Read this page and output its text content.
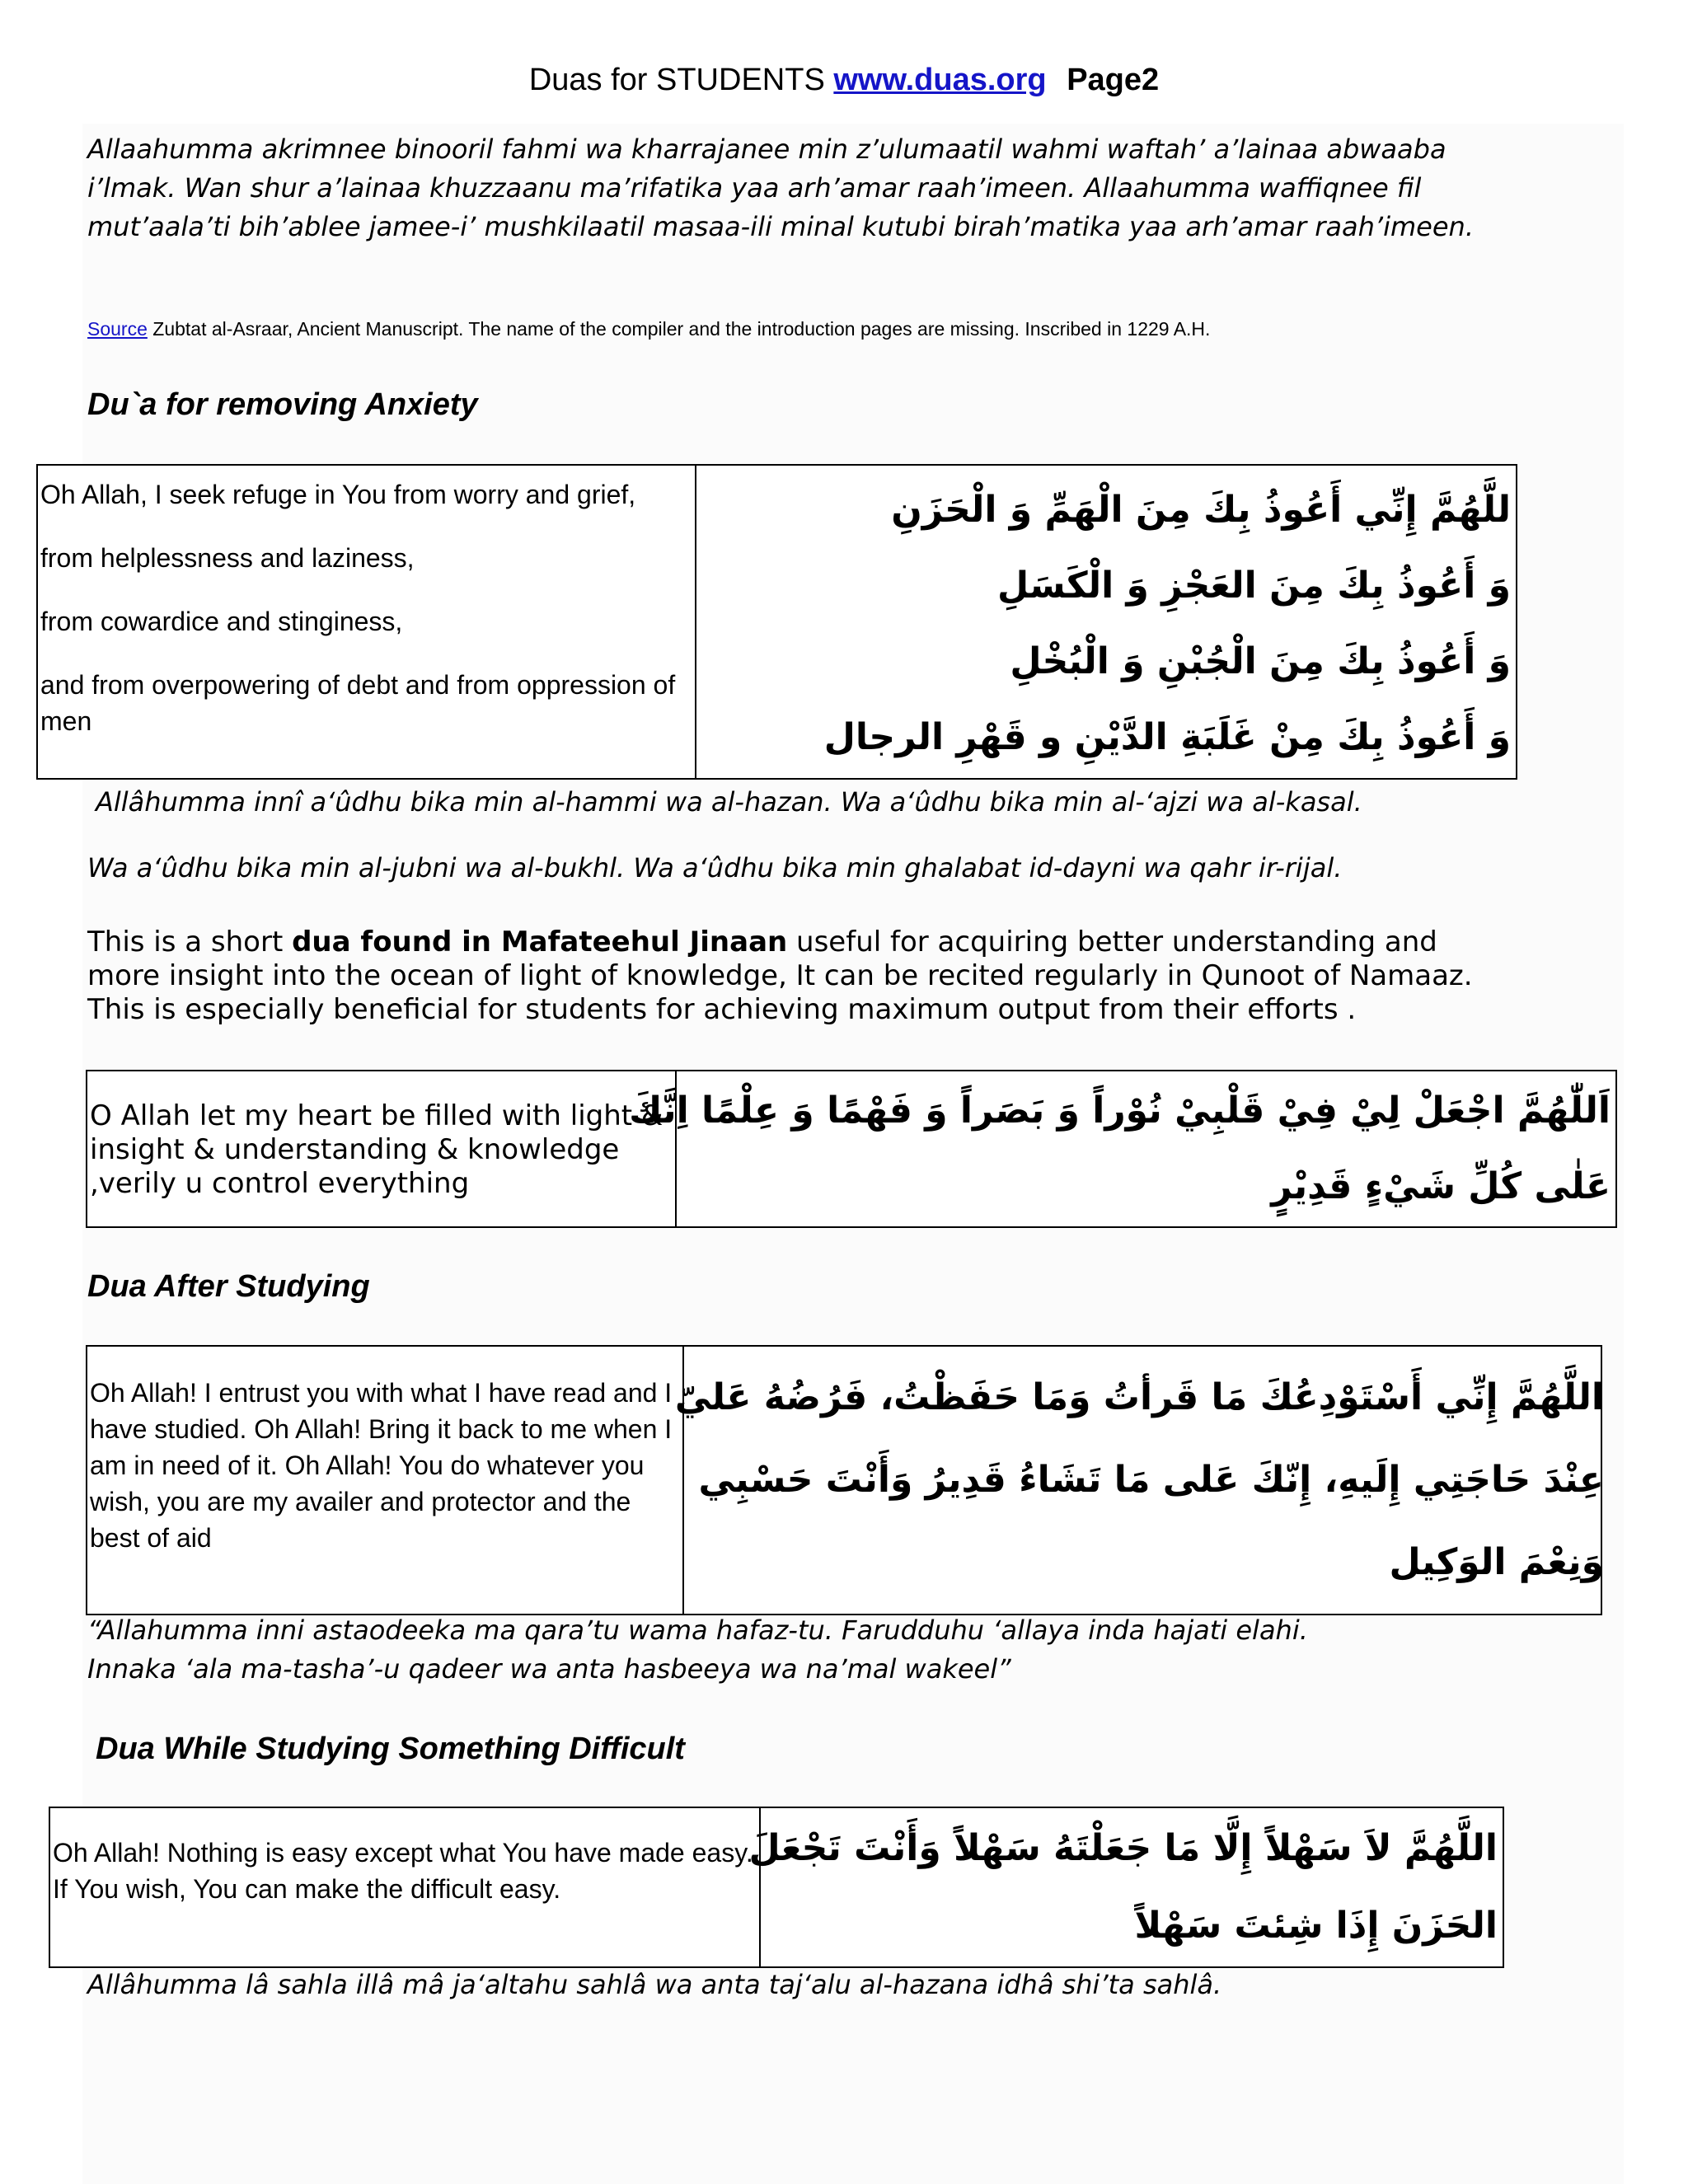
Duas for STUDENTS www.duas.org Page2
Allaahumma akrimnee binooril fahmi wa kharrajanee min z’ulumaatil wahmi waftah’ a’lainaa abwaaba i’lmak. Wan shur a’lainaa khuzzaanu ma’rifatika yaa arh’amar raah’imeen. Allaahumma waffiqnee fil mut’aala’ti bih’ablee jamee-i’ mushkilaatil masaa-ili minal kutubi birah’matika yaa arh’amar raah’imeen.
Source Zubtat al-Asraar, Ancient Manuscript. The name of the compiler and the introduction pages are missing. Inscribed in 1229 A.H.
Du`a for removing Anxiety

Oh Allah, I seek refuge in You from worry and grief,

from helplessness and laziness,

from cowardice and stinginess,

and from overpowering of debt and from oppression of men

للَّهُمَّ إِنِّي أَعُوذُ بِكَ مِنَ الْهَمِّ وَ الْحَزَنِ
وَ أَعُوذُ بِكَ مِنَ العَجْزِ وَ الْكَسَلِ
وَ أَعُوذُ بِكَ مِنَ الْجُبْنِ وَ الْبُخْلِ
وَ أَعُوذُ بِكَ مِنْ غَلَبَةِ الدَّيْنِ و قَهْرِ الرجال
Allâhumma innî a‘ûdhu bika min al-hammi wa al-hazan. Wa a‘ûdhu bika min al-‘ajzi wa al-kasal.
Wa a‘ûdhu bika min al-jubni wa al-bukhl. Wa a‘ûdhu bika min ghalabat id-dayni wa qahr ir-rijal.
This is a short dua found in Mafateehul Jinaan useful for acquiring better understanding and more insight into the ocean of light of knowledge, It can be recited regularly in Qunoot of Namaaz. This is especially beneficial for students for achieving maximum output from their efforts .
O Allah let my heart be filled with light & insight & understanding & knowledge ,verily u control everything
اَللّٰهُمَّ اجْعَلْ لِيْ فِيْ قَلْبِيْ نُوْراً وَ بَصَراً وَ فَهْمًا وَ عِلْمًا اِنَّكَ
عَلٰى كُلِّ شَيْءٍ قَدِيْرٍ
Dua After Studying
Oh Allah! I entrust you with what I have read and I have studied. Oh Allah! Bring it back to me when I am in need of it. Oh Allah! You do whatever you wish, you are my availer and protector and the best of aid
اللَّهُمَّ إِنِّي أَسْتَوْدِعُكَ مَا قَرأتُ وَمَا حَفَظْتُ، فَرُضُهُ عَليّ
عِنْدَ حَاجَتِي إِلَيهِ، إِنّكَ عَلى مَا تَشَاءُ قَدِيرُ وَأَنْتَ حَسْبِي
وَنِعْمَ الوَكِيل
“Allahumma inni astaodeeka ma qara’tu wama hafaz-tu. Farudduhu ‘allaya inda hajati elahi.
Innaka ‘ala ma-tasha’-u qadeer wa anta hasbeeya wa na’mal wakeel”
Dua While Studying Something Difficult
Oh Allah! Nothing is easy except what You have made easy. If You wish, You can make the difficult easy.
اللَّهُمَّ لاَ سَهْلاً إِلَّا مَا جَعَلْتَهُ سَهْلاً وَأَنْتَ تَجْعَلَ
الحَزَنَ إِذَا شِئتَ سَهْلاً
Allâhumma lâ sahla illâ mâ ja‘altahu sahlâ wa anta taj‘alu al-hazana idhâ shi’ta sahlâ.
